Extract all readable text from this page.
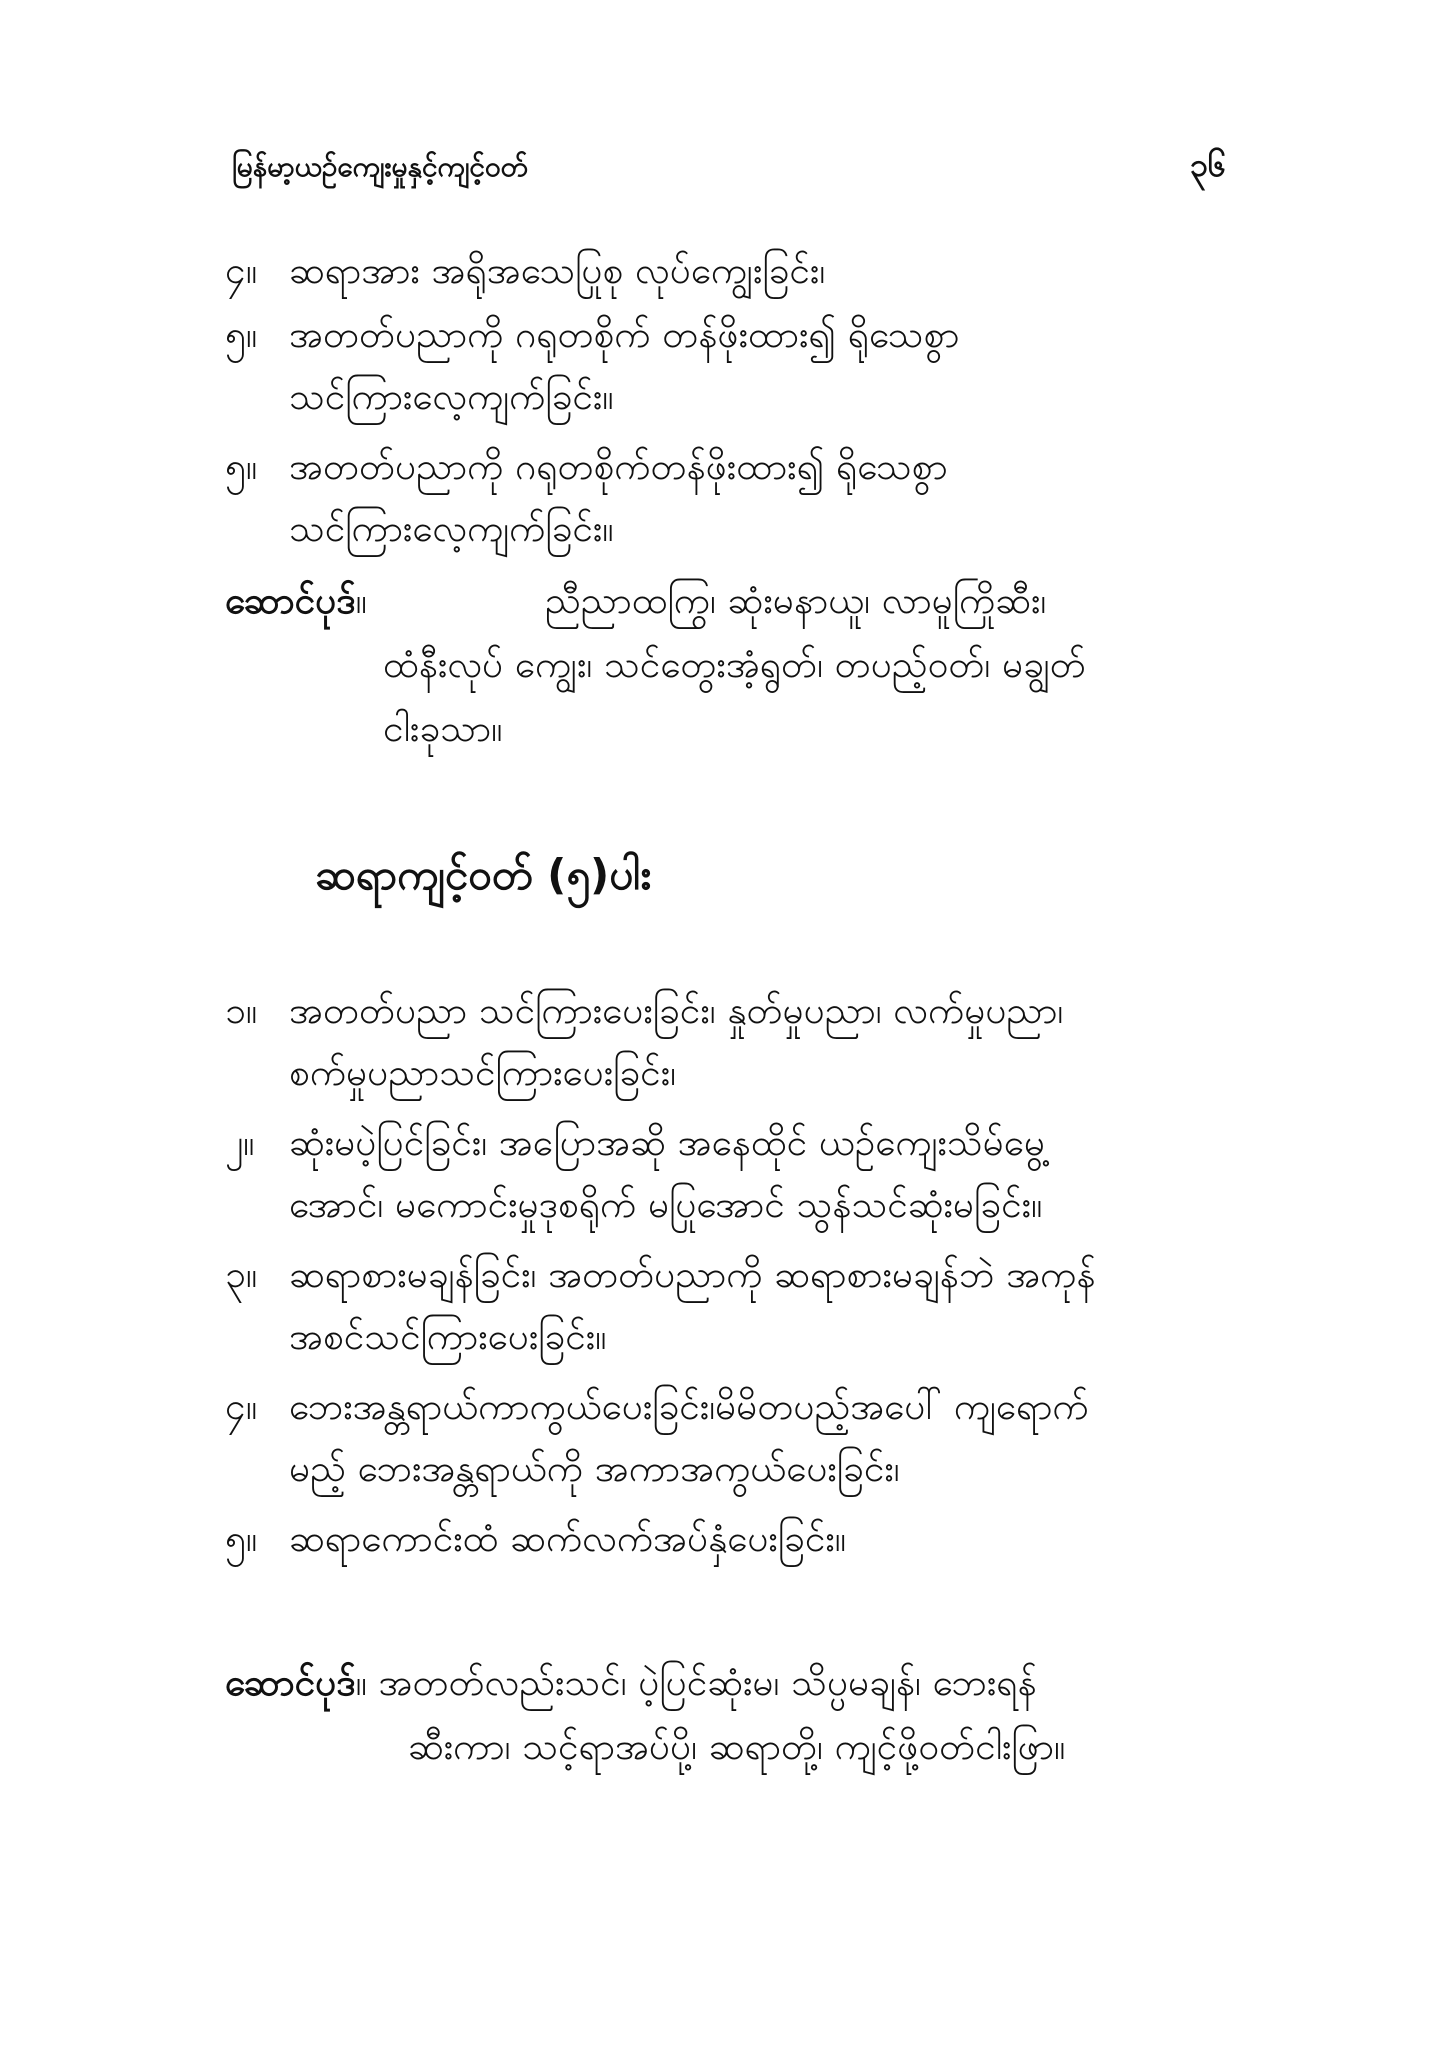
မြန်မာ့ယဉ်ကျေးမှုနှင့်ကျင့်ဝတ်	၃၆
၄။ ဆရာအား အရိုအသေပြုစု လုပ်ကျွေးခြင်း၊
၅။ အတတ်ပညာကို ဂရုတစိုက် တန်ဖိုးထား၍ ရိုသေစွာ
သင်ကြားလေ့ကျက်ခြင်း။
၅။ အတတ်ပညာကို ဂရုတစိုက်တန်ဖိုးထား၍ ရိုသေစွာ
သင်ကြားလေ့ကျက်ခြင်း။
ဆောင်ပုဒ်။	ညီညာထကြွ၊ ဆုံးမနာယူ၊ လာမူကြိုဆီး၊
ထံနီးလုပ် ကျွေး၊ သင်တွေးအံ့ရွတ်၊ တပည့်ဝတ်၊ မချွတ်
ငါးခုသာ။
ဆရာကျင့်ဝတ် (၅)ပါး
၁။ အတတ်ပညာ သင်ကြားပေးခြင်း၊ နှုတ်မှုပညာ၊ လက်မှုပညာ၊
စက်မှုပညာသင်ကြားပေးခြင်း၊
၂။ ဆုံးမပဲ့ပြင်ခြင်း၊ အပြောအဆို အနေထိုင် ယဉ်ကျေးသိမ်မွေ့
အောင်၊ မကောင်းမှုဒုစရိုက် မပြုအောင် သွန်သင်ဆုံးမခြင်း။
၃။ ဆရာစားမချန်ခြင်း၊ အတတ်ပညာကို ဆရာစားမချန်ဘဲ အကုန်
အစင်သင်ကြားပေးခြင်း။
၄။ ဘေးအန္တရာယ်ကာကွယ်ပေးခြင်း၊မိမိတပည့်အပေါ် ကျရောက်
မည့် ဘေးအန္တရာယ်ကို အကာအကွယ်ပေးခြင်း၊
၅။ ဆရာကောင်းထံ ဆက်လက်အပ်နှံပေးခြင်း။
ဆောင်ပုဒ်။ အတတ်လည်းသင်၊ ပဲ့ပြင်ဆုံးမ၊ သိပ္ပမချန်၊ ဘေးရန်
ဆီးကာ၊ သင့်ရာအပ်ပို့၊ ဆရာတို့၊ ကျင့်ဖို့ဝတ်ငါးဖြာ။
